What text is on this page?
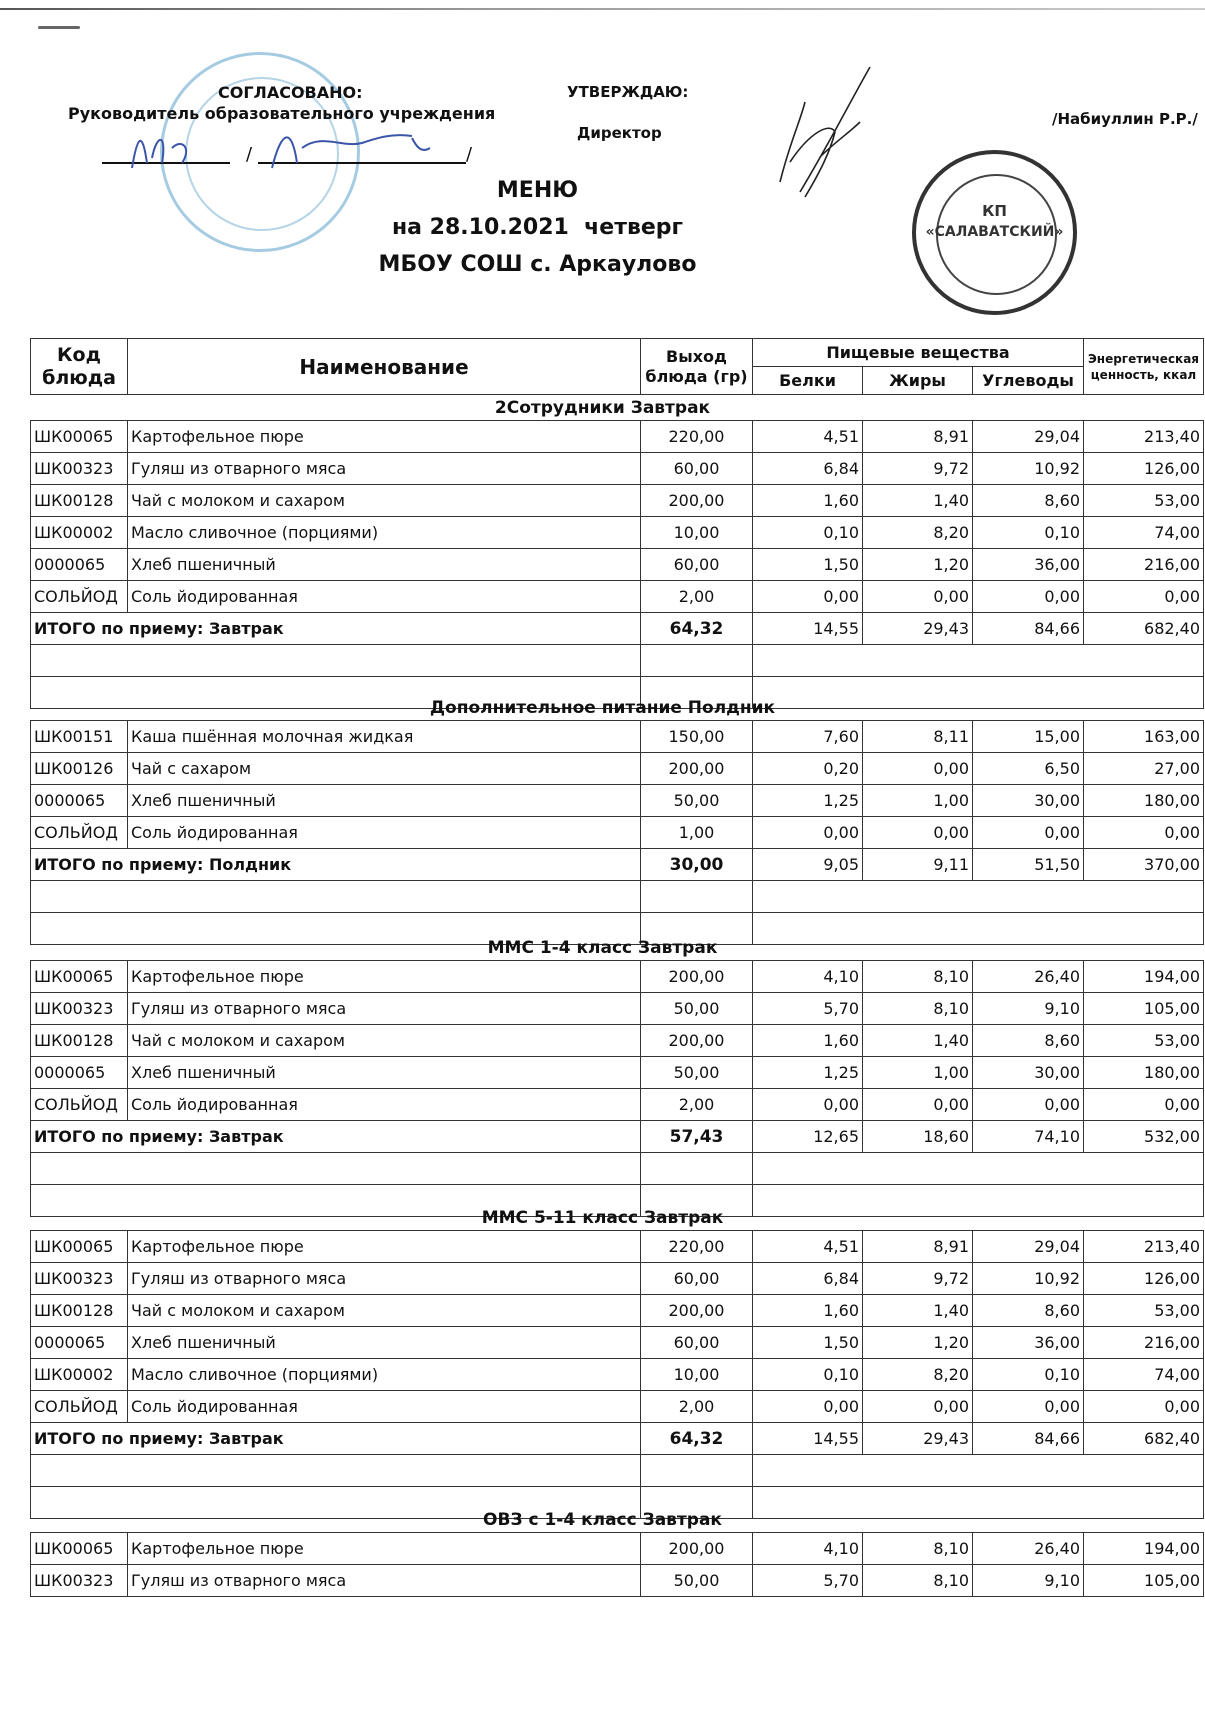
КП
«САЛАВАТСКИЙ»
СОГЛАСОВАНО:
Руководитель образовательного учреждения
/	/
УТВЕРЖДАЮ:
Директор
/Набиуллин Р.Р./
МЕНЮ
на 28.10.2021  четверг
МБОУ СОШ с. Аркаулово
Код блюда	Наименование	Выход блюда (гр)	Пищевые вещества			Энергетическая ценность, ккал
			Белки	Жиры	Углеводы	
2Сотрудники Завтрак
ШК00065	Картофельное пюре	220,00	4,51	8,91	29,04	213,40
ШК00323	Гуляш из отварного мяса	60,00	6,84	9,72	10,92	126,00
ШК00128	Чай с молоком и сахаром	200,00	1,60	1,40	8,60	53,00
ШК00002	Масло сливочное (порциями)	10,00	0,10	8,20	0,10	74,00
0000065	Хлеб пшеничный	60,00	1,50	1,20	36,00	216,00
СОЛЬЙОД	Соль йодированная	2,00	0,00	0,00	0,00	0,00
ИТОГО по приему: Завтрак		64,32	14,55	29,43	84,66	682,40

Дополнительное питание Полдник
ШК00151	Каша пшённая молочная жидкая	150,00	7,60	8,11	15,00	163,00
ШК00126	Чай с сахаром	200,00	0,20	0,00	6,50	27,00
0000065	Хлеб пшеничный	50,00	1,25	1,00	30,00	180,00
СОЛЬЙОД	Соль йодированная	1,00	0,00	0,00	0,00	0,00
ИТОГО по приему: Полдник		30,00	9,05	9,11	51,50	370,00

ММС 1-4 класс Завтрак
ШК00065	Картофельное пюре	200,00	4,10	8,10	26,40	194,00
ШК00323	Гуляш из отварного мяса	50,00	5,70	8,10	9,10	105,00
ШК00128	Чай с молоком и сахаром	200,00	1,60	1,40	8,60	53,00
0000065	Хлеб пшеничный	50,00	1,25	1,00	30,00	180,00
СОЛЬЙОД	Соль йодированная	2,00	0,00	0,00	0,00	0,00
ИТОГО по приему: Завтрак		57,43	12,65	18,60	74,10	532,00

ММС 5-11 класс Завтрак
ШК00065	Картофельное пюре	220,00	4,51	8,91	29,04	213,40
ШК00323	Гуляш из отварного мяса	60,00	6,84	9,72	10,92	126,00
ШК00128	Чай с молоком и сахаром	200,00	1,60	1,40	8,60	53,00
0000065	Хлеб пшеничный	60,00	1,50	1,20	36,00	216,00
ШК00002	Масло сливочное (порциями)	10,00	0,10	8,20	0,10	74,00
СОЛЬЙОД	Соль йодированная	2,00	0,00	0,00	0,00	0,00
ИТОГО по приему: Завтрак		64,32	14,55	29,43	84,66	682,40

ОВЗ с 1-4 класс Завтрак
ШК00065	Картофельное пюре	200,00	4,10	8,10	26,40	194,00
ШК00323	Гуляш из отварного мяса	50,00	5,70	8,10	9,10	105,00
